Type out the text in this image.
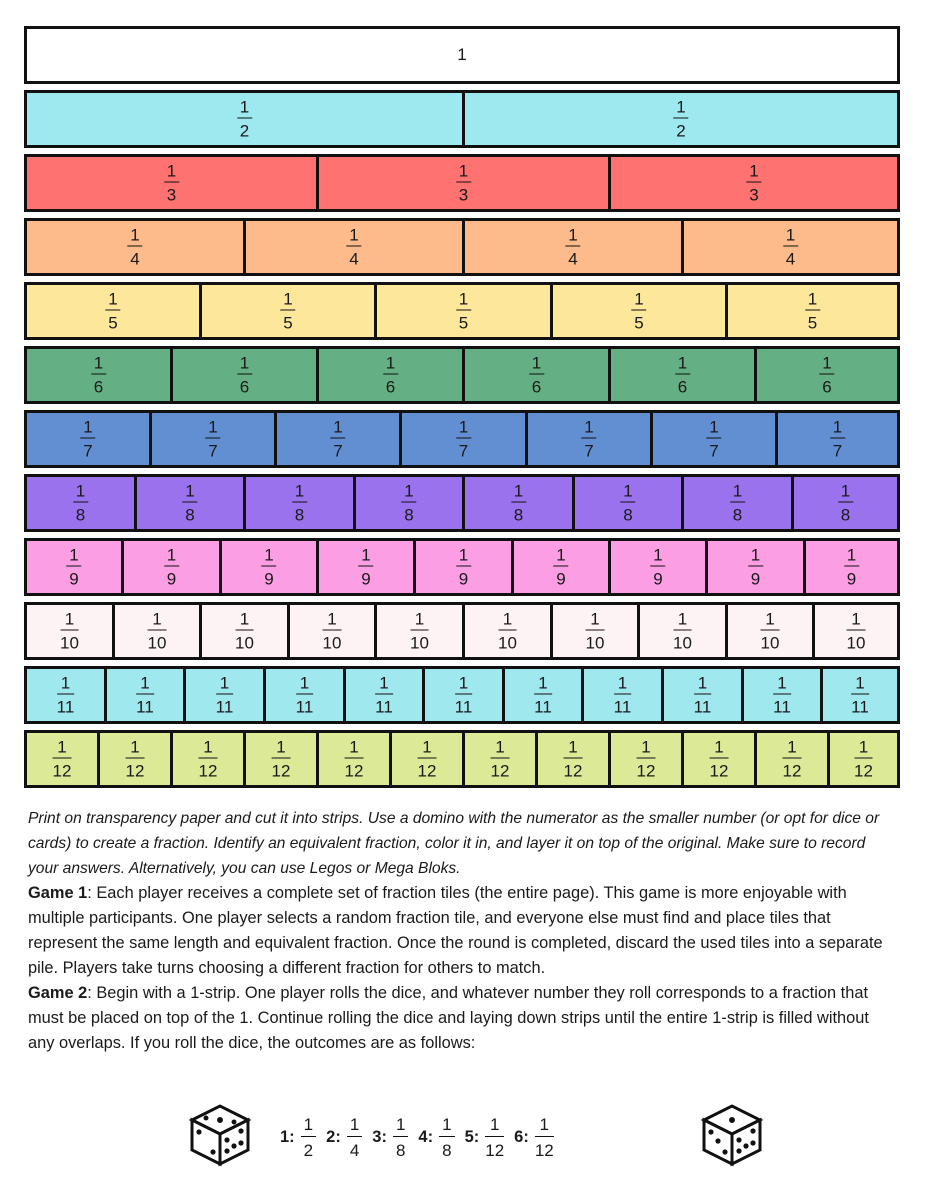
1
$\frac{1}{2}$	$\frac{1}{2}$
$\frac{1}{3}$	$\frac{1}{3}$	$\frac{1}{3}$
$\frac{1}{4}$	$\frac{1}{4}$	$\frac{1}{4}$	$\frac{1}{4}$
$\frac{1}{5}$	$\frac{1}{5}$	$\frac{1}{5}$	$\frac{1}{5}$	$\frac{1}{5}$
$\frac{1}{6}$	$\frac{1}{6}$	$\frac{1}{6}$	$\frac{1}{6}$	$\frac{1}{6}$	$\frac{1}{6}$
$\frac{1}{7}$	$\frac{1}{7}$	$\frac{1}{7}$	$\frac{1}{7}$	$\frac{1}{7}$	$\frac{1}{7}$	$\frac{1}{7}$
$\frac{1}{8}$	$\frac{1}{8}$	$\frac{1}{8}$	$\frac{1}{8}$	$\frac{1}{8}$	$\frac{1}{8}$	$\frac{1}{8}$	$\frac{1}{8}$
$\frac{1}{9}$	$\frac{1}{9}$	$\frac{1}{9}$	$\frac{1}{9}$	$\frac{1}{9}$	$\frac{1}{9}$	$\frac{1}{9}$	$\frac{1}{9}$	$\frac{1}{9}$
$\frac{1}{10}$	$\frac{1}{10}$	$\frac{1}{10}$	$\frac{1}{10}$	$\frac{1}{10}$	$\frac{1}{10}$	$\frac{1}{10}$	$\frac{1}{10}$	$\frac{1}{10}$	$\frac{1}{10}$
$\frac{1}{11}$	$\frac{1}{11}$	$\frac{1}{11}$	$\frac{1}{11}$	$\frac{1}{11}$	$\frac{1}{11}$	$\frac{1}{11}$	$\frac{1}{11}$	$\frac{1}{11}$	$\frac{1}{11}$	$\frac{1}{11}$
$\frac{1}{12}$	$\frac{1}{12}$	$\frac{1}{12}$	$\frac{1}{12}$	$\frac{1}{12}$	$\frac{1}{12}$	$\frac{1}{12}$	$\frac{1}{12}$	$\frac{1}{12}$	$\frac{1}{12}$	$\frac{1}{12}$	$\frac{1}{12}$

Print on transparency paper and cut it into strips. Use a domino with the numerator as the smaller number (or opt for dice or cards) to create a fraction. Identify an equivalent fraction, color it in, and layer it on top of the original. Make sure to record your answers. Alternatively, you can use Legos or Mega Bloks.

Game 1: Each player receives a complete set of fraction tiles (the entire page). This game is more enjoyable with multiple participants. One player selects a random fraction tile, and everyone else must find and place tiles that represent the same length and equivalent fraction. Once the round is completed, discard the used tiles into a separate pile. Players take turns choosing a different fraction for others to match.

Game 2: Begin with a 1-strip. One player rolls the dice, and whatever number they roll corresponds to a fraction that must be placed on top of the 1. Continue rolling the dice and laying down strips until the entire 1-strip is filled without any overlaps. If you roll the dice, the outcomes are as follows:

1: $\frac{1}{2} 2$: $\frac{1}{4} 3$: $\frac{1}{8} 4$: $\frac{1}{8} 5$: $\frac{1}{12} 6$: $\frac{1}{12}$
